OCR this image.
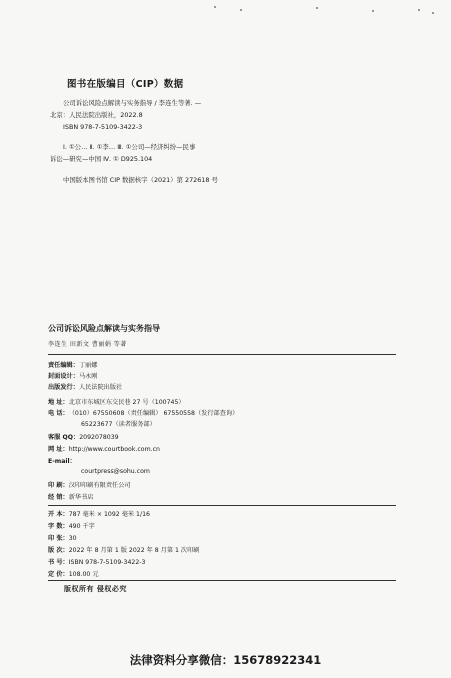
图书在版编目（CIP）数据
公司诉讼风险点解读与实务指导 / 李连生等著. —
北京：人民法院出版社，2022.8
ISBN 978-7-5109-3422-3
Ⅰ. ①公… Ⅱ. ①李… Ⅲ. ①公司—经济纠纷—民事
诉讼—研究—中国 Ⅳ. ① D925.104
中国版本图书馆 CIP 数据核字（2021）第 272618 号
公司诉讼风险点解读与实务指导
李连生 田新文 曹丽娟 等著
责任编辑：丁丽娜
封面设计：马永刚
出版发行：人民法院出版社
地 址：北京市东城区东交民巷 27 号（100745）
电 话：（010）67550608（责任编辑） 67550558（发行部查询）
65223677（读者服务部）
客服 QQ：2092078039
网 址：http://www.courtbook.com.cn
E-mail：
courtpress@sohu.com
印 刷：汉印印刷有限责任公司
经 销：新华书店
开 本：787 毫米 × 1092 毫米 1/16
字 数：490 千字
印 张：30
版 次：2022 年 8 月第 1 版 2022 年 8 月第 1 次印刷
书 号：ISBN 978-7-5109-3422-3
定 价：108.00 元
版权所有 侵权必究
法律资料分享微信：15678922341
